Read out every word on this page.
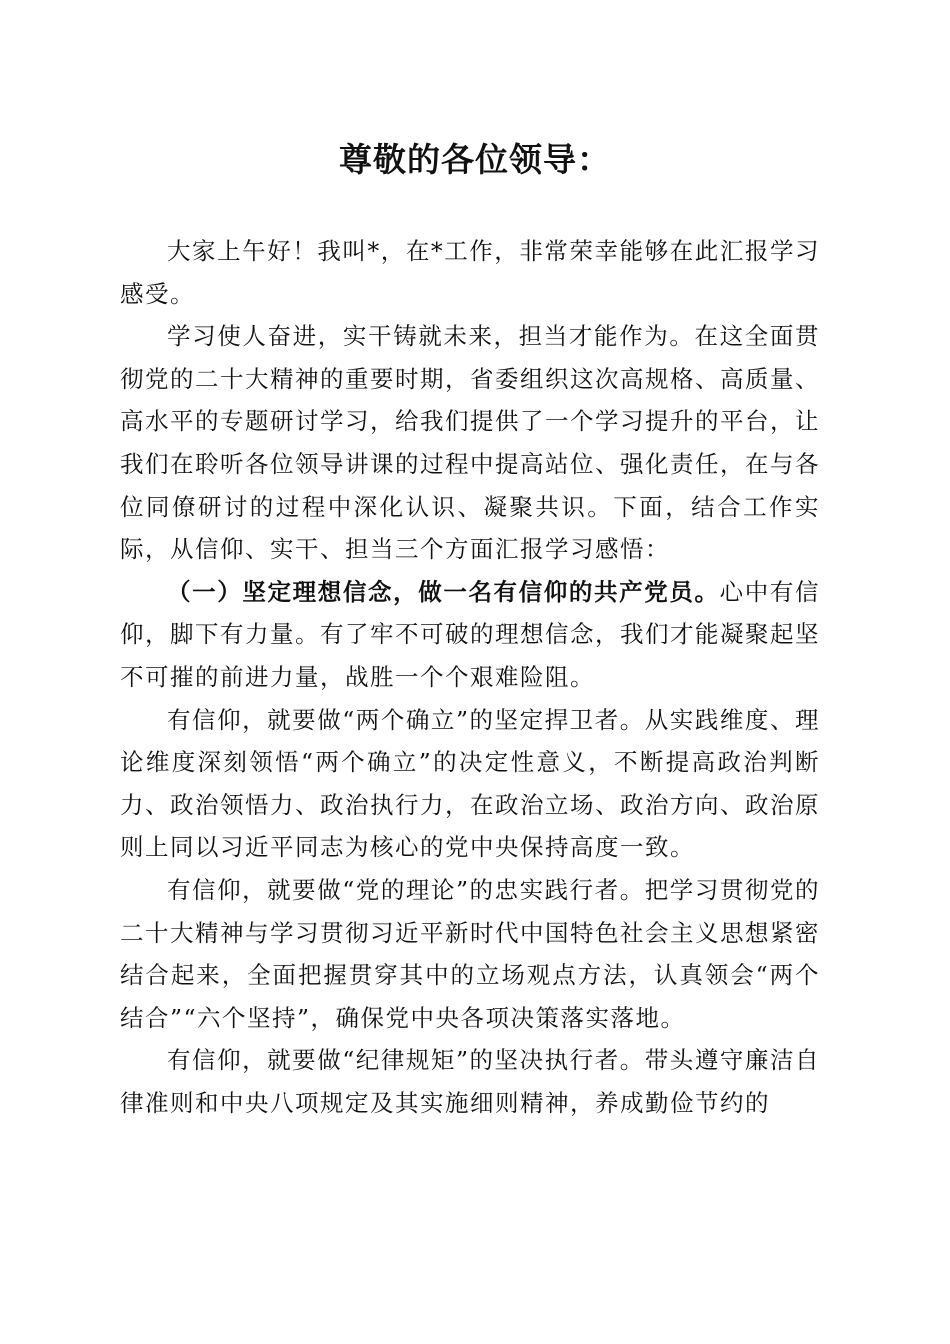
尊敬的各位领导：

大家上午好！我叫*，在*工作，非常荣幸能够在此汇报学习感受。

学习使人奋进，实干铸就未来，担当才能作为。在这全面贯彻党的二十大精神的重要时期，省委组织这次高规格、高质量、高水平的专题研讨学习，给我们提供了一个学习提升的平台，让我们在聆听各位领导讲课的过程中提高站位、强化责任，在与各位同僚研讨的过程中深化认识、凝聚共识。下面，结合工作实际，从信仰、实干、担当三个方面汇报学习感悟：

（一）坚定理想信念，做一名有信仰的共产党员。心中有信仰，脚下有力量。有了牢不可破的理想信念，我们才能凝聚起坚不可摧的前进力量，战胜一个个艰难险阻。

有信仰，就要做“两个确立”的坚定捍卫者。从实践维度、理论维度深刻领悟“两个确立”的决定性意义，不断提高政治判断力、政治领悟力、政治执行力，在政治立场、政治方向、政治原则上同以习近平同志为核心的党中央保持高度一致。

有信仰，就要做“党的理论”的忠实践行者。把学习贯彻党的二十大精神与学习贯彻习近平新时代中国特色社会主义思想紧密结合起来，全面把握贯穿其中的立场观点方法，认真领会“两个结合”“六个坚持”，确保党中央各项决策落实落地。

有信仰，就要做“纪律规矩”的坚决执行者。带头遵守廉洁自律准则和中央八项规定及其实施细则精神，养成勤俭节约的
